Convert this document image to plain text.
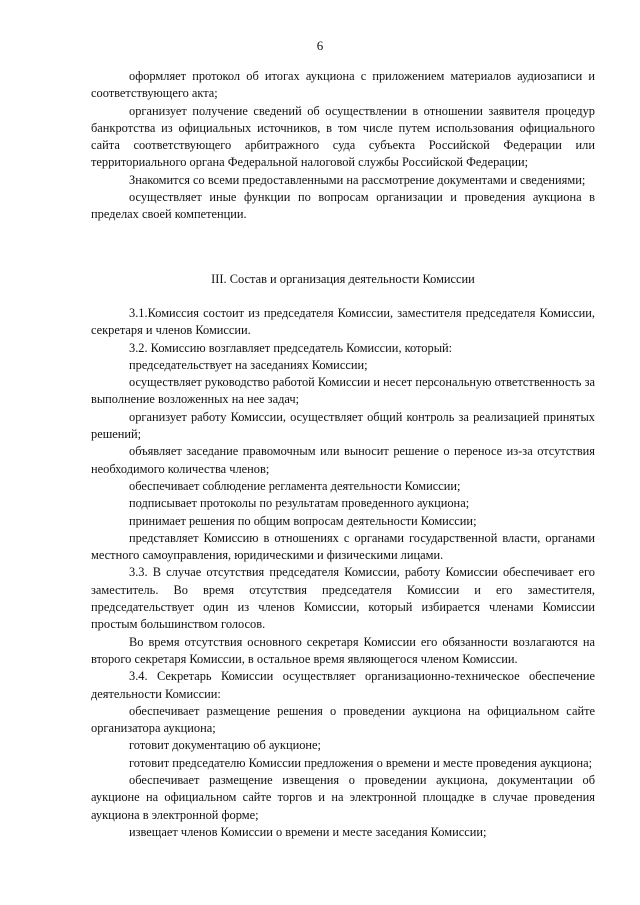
6

оформляет протокол об итогах аукциона с приложением материалов аудиозаписи и соответствующего акта;

организует получение сведений об осуществлении в отношении заявителя процедур банкротства из официальных источников, в том числе путем использования официального сайта соответствующего арбитражного суда субъекта Российской Федерации или территориального органа Федеральной налоговой службы Российской Федерации;

Знакомится со всеми предоставленными на рассмотрение документами и сведениями;

осуществляет иные функции по вопросам организации и проведения аукциона в пределах своей компетенции.

III. Состав и организация деятельности Комиссии

3.1.Комиссия состоит из председателя Комиссии, заместителя председателя Комиссии, секретаря и членов Комиссии.

3.2. Комиссию возглавляет председатель Комиссии, который:

председательствует на заседаниях Комиссии;

осуществляет руководство работой Комиссии и несет персональную ответственность за выполнение возложенных на нее задач;

организует работу Комиссии, осуществляет общий контроль за реализацией принятых решений;

объявляет заседание правомочным или выносит решение о переносе из-за отсутствия необходимого количества членов;

обеспечивает соблюдение регламента деятельности Комиссии;

подписывает протоколы по результатам проведенного аукциона;

принимает решения по общим вопросам деятельности Комиссии;

представляет Комиссию в отношениях с органами государственной власти, органами местного самоуправления, юридическими и физическими лицами.

3.3. В случае отсутствия председателя Комиссии, работу Комиссии обеспечивает его заместитель. Во время отсутствия председателя Комиссии и его заместителя, председательствует один из членов Комиссии, который избирается членами Комиссии простым большинством голосов.

Во время отсутствия основного секретаря Комиссии его обязанности возлагаются на второго секретаря Комиссии, в остальное время являющегося членом Комиссии.

3.4. Секретарь Комиссии осуществляет организационно-техническое обеспечение деятельности Комиссии:

обеспечивает размещение решения о проведении аукциона на официальном сайте организатора аукциона;

готовит документацию об аукционе;

готовит председателю Комиссии предложения о времени и месте проведения аукциона;

обеспечивает размещение извещения о проведении аукциона, документации об аукционе на официальном сайте торгов и на электронной площадке в случае проведения аукциона в электронной форме;

извещает членов Комиссии о времени и месте заседания Комиссии;
